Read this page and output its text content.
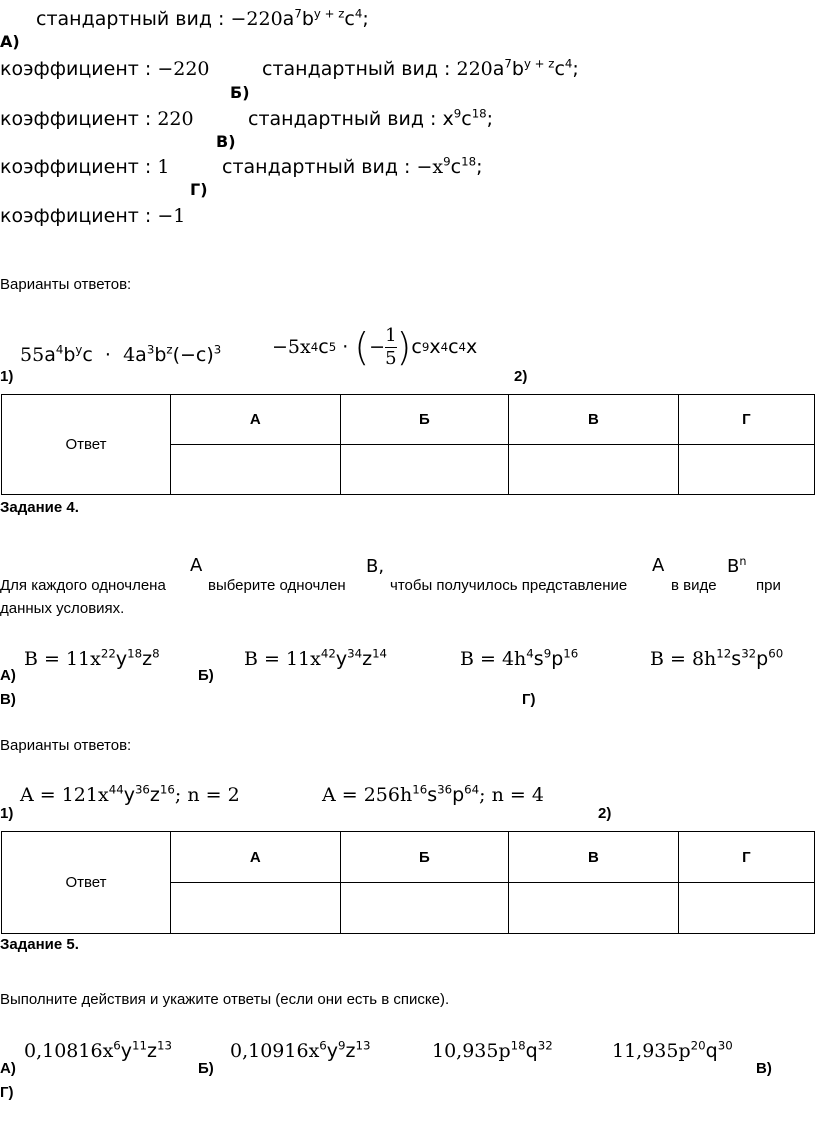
стандартный вид : $-220a^7b^{y + z}c^4$;
А)
коэффициент : −220	стандартный вид : $220a^7b^{y + z}c^4$;
Б)
коэффициент : 220	стандартный вид : $x^9c^{18}$;
В)
коэффициент : 1	стандартный вид : $-x^9c^{18}$;
Г)
коэффициент : −1
Варианты ответов:
$55a^4b^yc \cdot 4a^3b^z(-c)^3$
1)
−5x 4 c 5
·
( − $\frac{1}{5}$ ) c 9 x 4 c 4 x
2)
Ответ	А	Б	В	Г

Задание 4.
Для каждого одночлена
A
выберите одночлен
B,
чтобы получилось представление
A
в виде
$B^n$
при
данных условиях.
$B = 11x^{22}y^{18}z^8$
А)
$B = 11x^{42}y^{34}z^{14}$
Б)
$B = 4h^4s^9p^{16}$	$B = 8h^{12}s^{32}p^{60}$
В)	Г)
Варианты ответов:
$A = 121x^{44}y^{36}z^{16}$; n = 2
1)
$A = 256h^{16}s^{36}p^{64}$; n = 4
2)
Ответ	А	Б	В	Г

Задание 5.
Выполните действия и укажите ответы (если они есть в списке).
$0,10816x^6y^{11}z^{13}$
А)
$0,10916x^6y^9z^{13}$
Б)
$10,935p^{18}q^{32}$	$11,935p^{20}q^{30}$
В)
Г)
